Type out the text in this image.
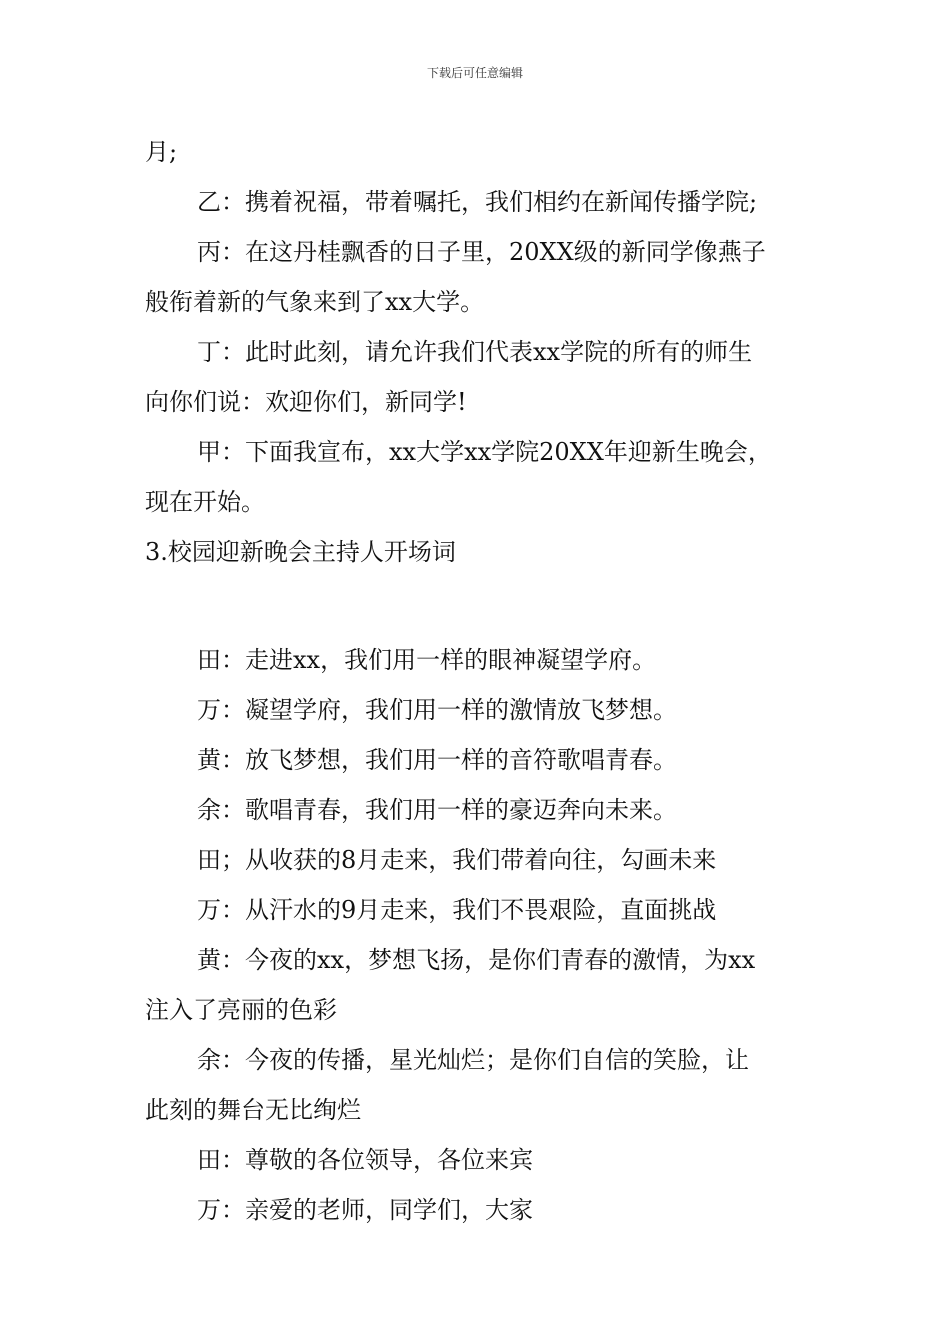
下载后可任意编辑
月;
乙：携着祝福，带着嘱托，我们相约在新闻传播学院;
丙：在这丹桂飘香的日子里，20XX级的新同学像燕子
般衔着新的气象来到了xx大学。
丁：此时此刻，请允许我们代表xx学院的所有的师生
向你们说：欢迎你们，新同学!
甲：下面我宣布，xx大学xx学院20XX年迎新生晚会，
现在开始。
3.校园迎新晚会主持人开场词
田：走进xx，我们用一样的眼神凝望学府。
万：凝望学府，我们用一样的激情放飞梦想。
黄：放飞梦想，我们用一样的音符歌唱青春。
余：歌唱青春，我们用一样的豪迈奔向未来。
田；从收获的8月走来，我们带着向往，勾画未来
万：从汗水的9月走来，我们不畏艰险，直面挑战
黄：今夜的xx，梦想飞扬，是你们青春的激情，为xx
注入了亮丽的色彩
余：今夜的传播，星光灿烂；是你们自信的笑脸，让
此刻的舞台无比绚烂
田：尊敬的各位领导，各位来宾
万：亲爱的老师，同学们，大家
